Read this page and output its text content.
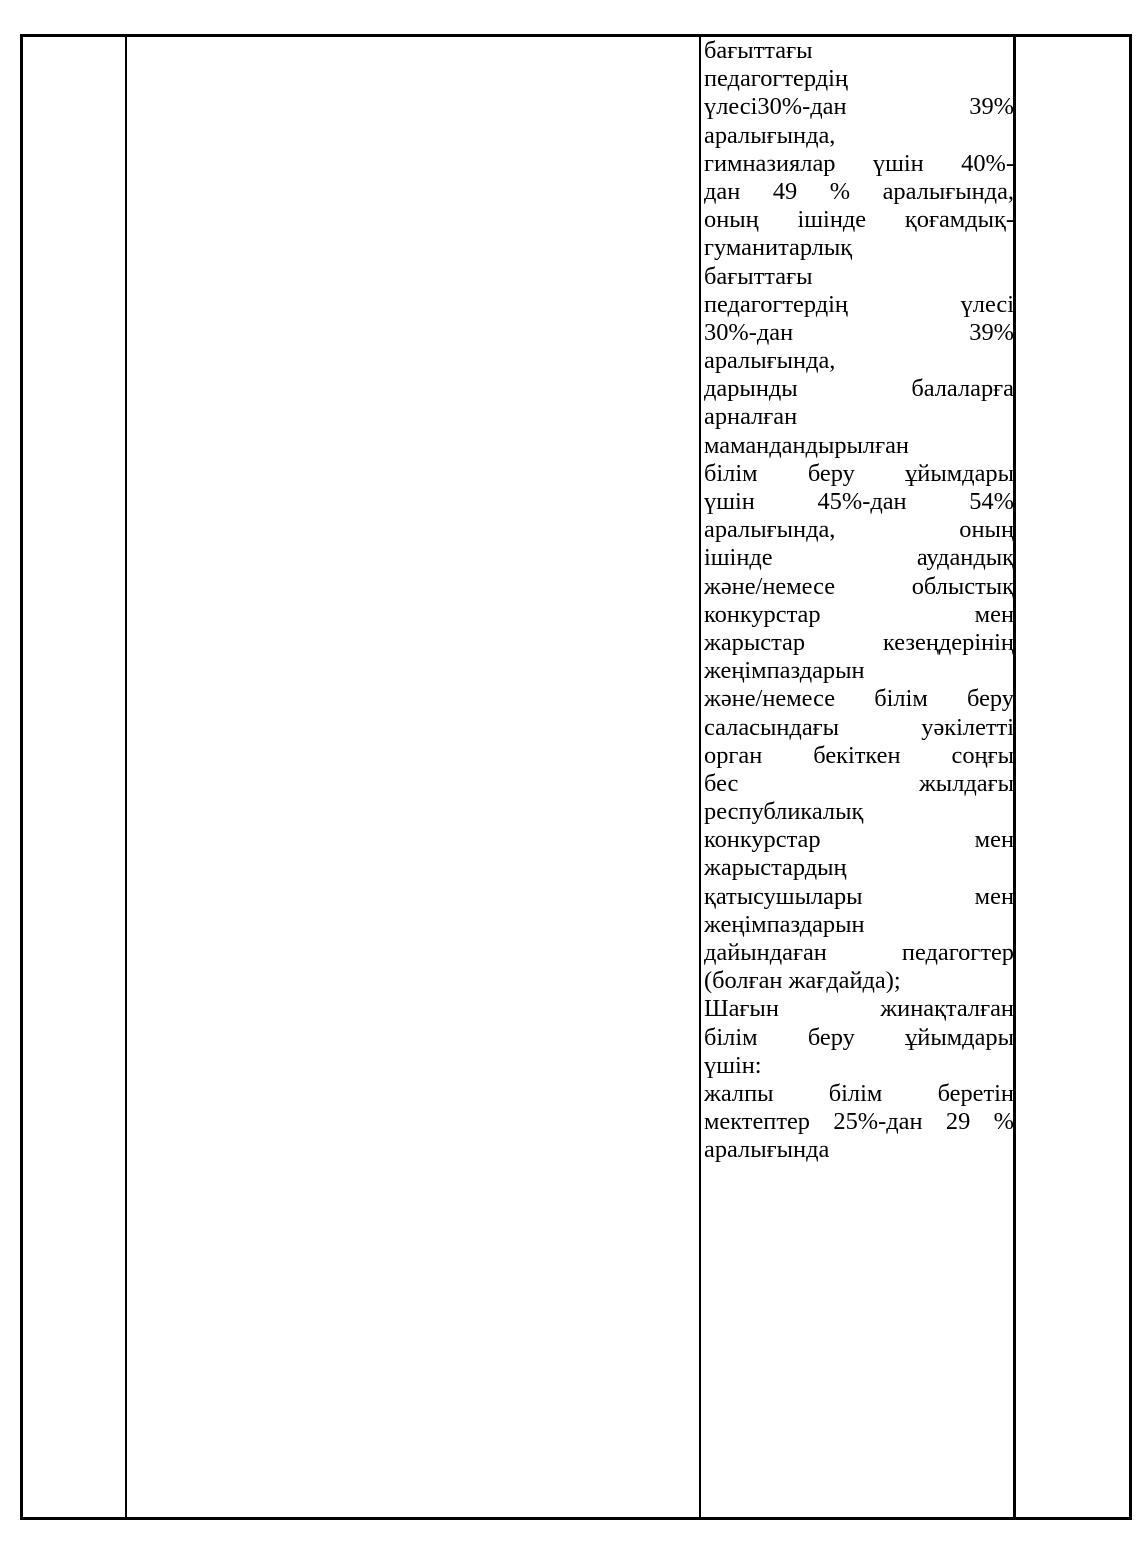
бағыттағы
педагогтердің
үлесі30%-дан 39%
аралығында,
гимназиялар үшін 40%-
дан 49 % аралығында,
оның ішінде қоғамдық-
гуманитарлық
бағыттағы
педагогтердің үлесі
30%-дан 39%
аралығында,
дарынды балаларға
арналған
мамандандырылған
білім беру ұйымдары
үшін 45%-дан 54%
аралығында, оның
ішінде аудандық
және/немесе облыстық
конкурстар мен
жарыстар кезеңдерінің
жеңімпаздарын
және/немесе білім беру
саласындағы уәкілетті
орган бекіткен соңғы
бес жылдағы
республикалық
конкурстар мен
жарыстардың
қатысушылары мен
жеңімпаздарын
дайындаған педагогтер
(болған жағдайда);
Шағын жинақталған
білім беру ұйымдары
үшін:
жалпы білім беретін
мектептер 25%-дан 29 %
аралығында
